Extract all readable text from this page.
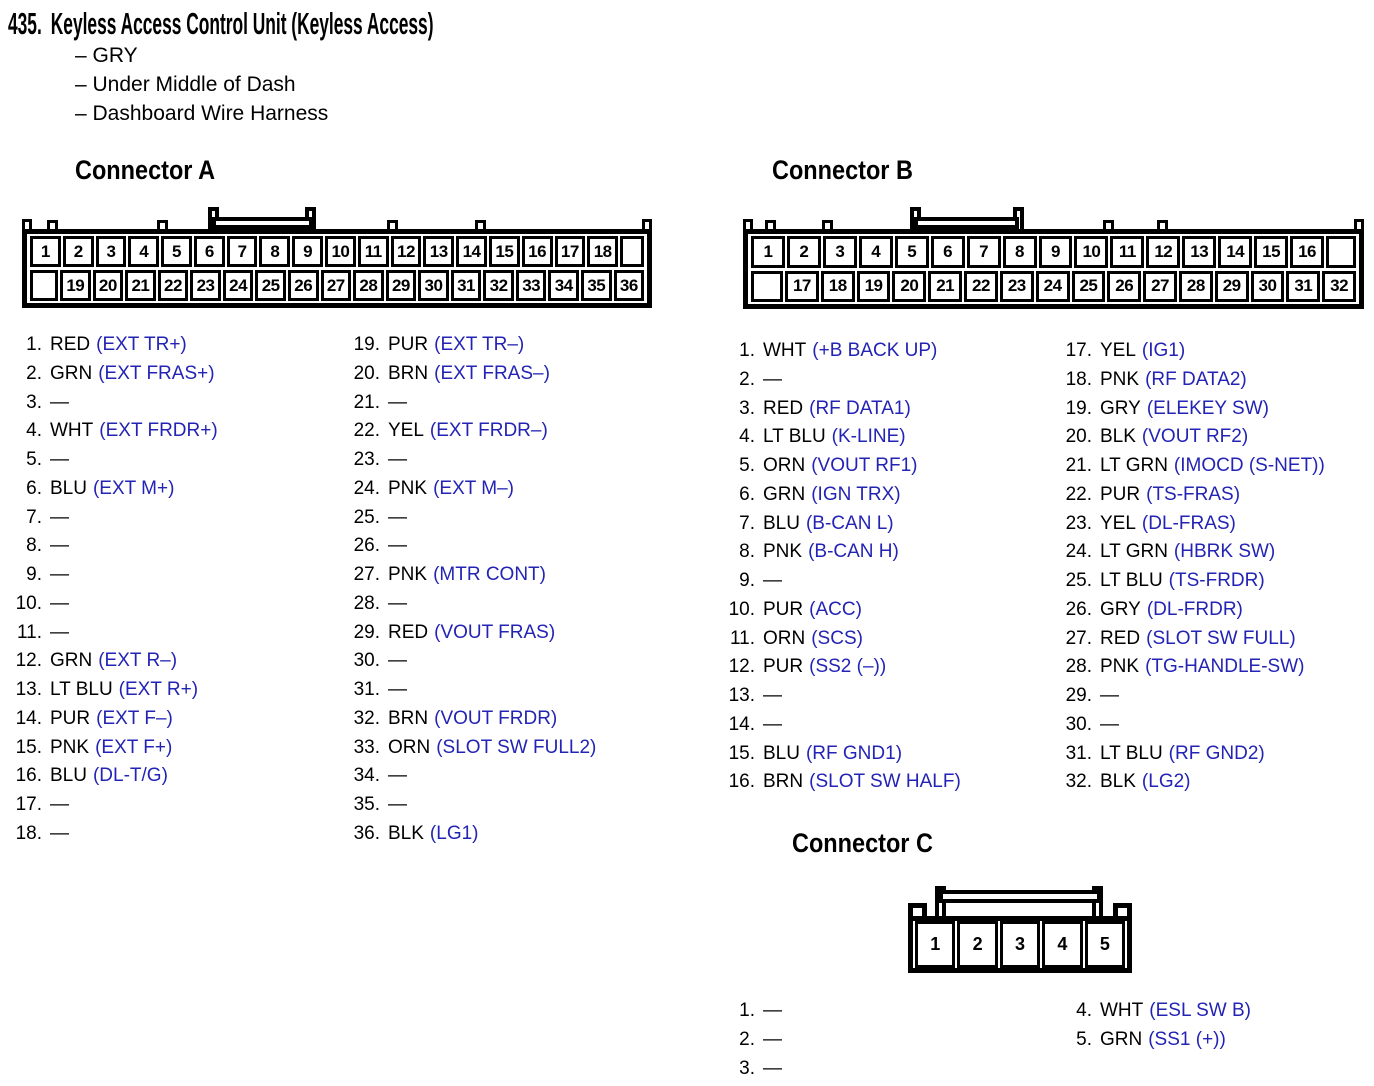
435. Keyless Access Control Unit (Keyless Access)
– GRY
– Under Middle of Dash
– Dashboard Wire Harness
Connector A	Connector B
Connector C
1	2	3	4	5	6	7	8	9	10 11 12 13 14 15 16 17 18
19 20 21 22 23 24 25 26 27 28 29 30 31 32 33 34 35 36
1	2	3	4	5	6	7	8	9	10	11	12	13	14	15	16
17	18	19	20	21	22	23	24	25	26	27	28	29	30	31	32
1	2	3	4	5
1. RED (EXT TR+)
2. GRN (EXT FRAS+)
3. —
4. WHT (EXT FRDR+)
5. —
6. BLU (EXT M+)
7. —
8. —
9. —
10. —
11. —
12. GRN (EXT R–)
13. LT BLU (EXT R+)
14. PUR (EXT F–)
15. PNK (EXT F+)
16. BLU (DL-T/G)
17. —
18. —
19. PUR (EXT TR–)
20. BRN (EXT FRAS–)
21. —
22. YEL (EXT FRDR–)
23. —
24. PNK (EXT M–)
25. —
26. —
27. PNK (MTR CONT)
28. —
29. RED (VOUT FRAS)
30. —
31. —
32. BRN (VOUT FRDR)
33. ORN (SLOT SW FULL2)
34. —
35. —
36. BLK (LG1)
1. WHT (+B BACK UP)
2. —
3. RED (RF DATA1)
4. LT BLU (K-LINE)
5. ORN (VOUT RF1)
6. GRN (IGN TRX)
7. BLU (B-CAN L)
8. PNK (B-CAN H)
9. —
10. PUR (ACC)
11. ORN (SCS)
12. PUR (SS2 (–))
13. —
14. —
15. BLU (RF GND1)
16. BRN (SLOT SW HALF)
17. YEL (IG1)
18. PNK (RF DATA2)
19. GRY (ELEKEY SW)
20. BLK (VOUT RF2)
21. LT GRN (IMOCD (S-NET))
22. PUR (TS-FRAS)
23. YEL (DL-FRAS)
24. LT GRN (HBRK SW)
25. LT BLU (TS-FRDR)
26. GRY (DL-FRDR)
27. RED (SLOT SW FULL)
28. PNK (TG-HANDLE-SW)
29. —
30. —
31. LT BLU (RF GND2)
32. BLK (LG2)
1. —
2. —
3. —
4. WHT (ESL SW B)
5. GRN (SS1 (+))
